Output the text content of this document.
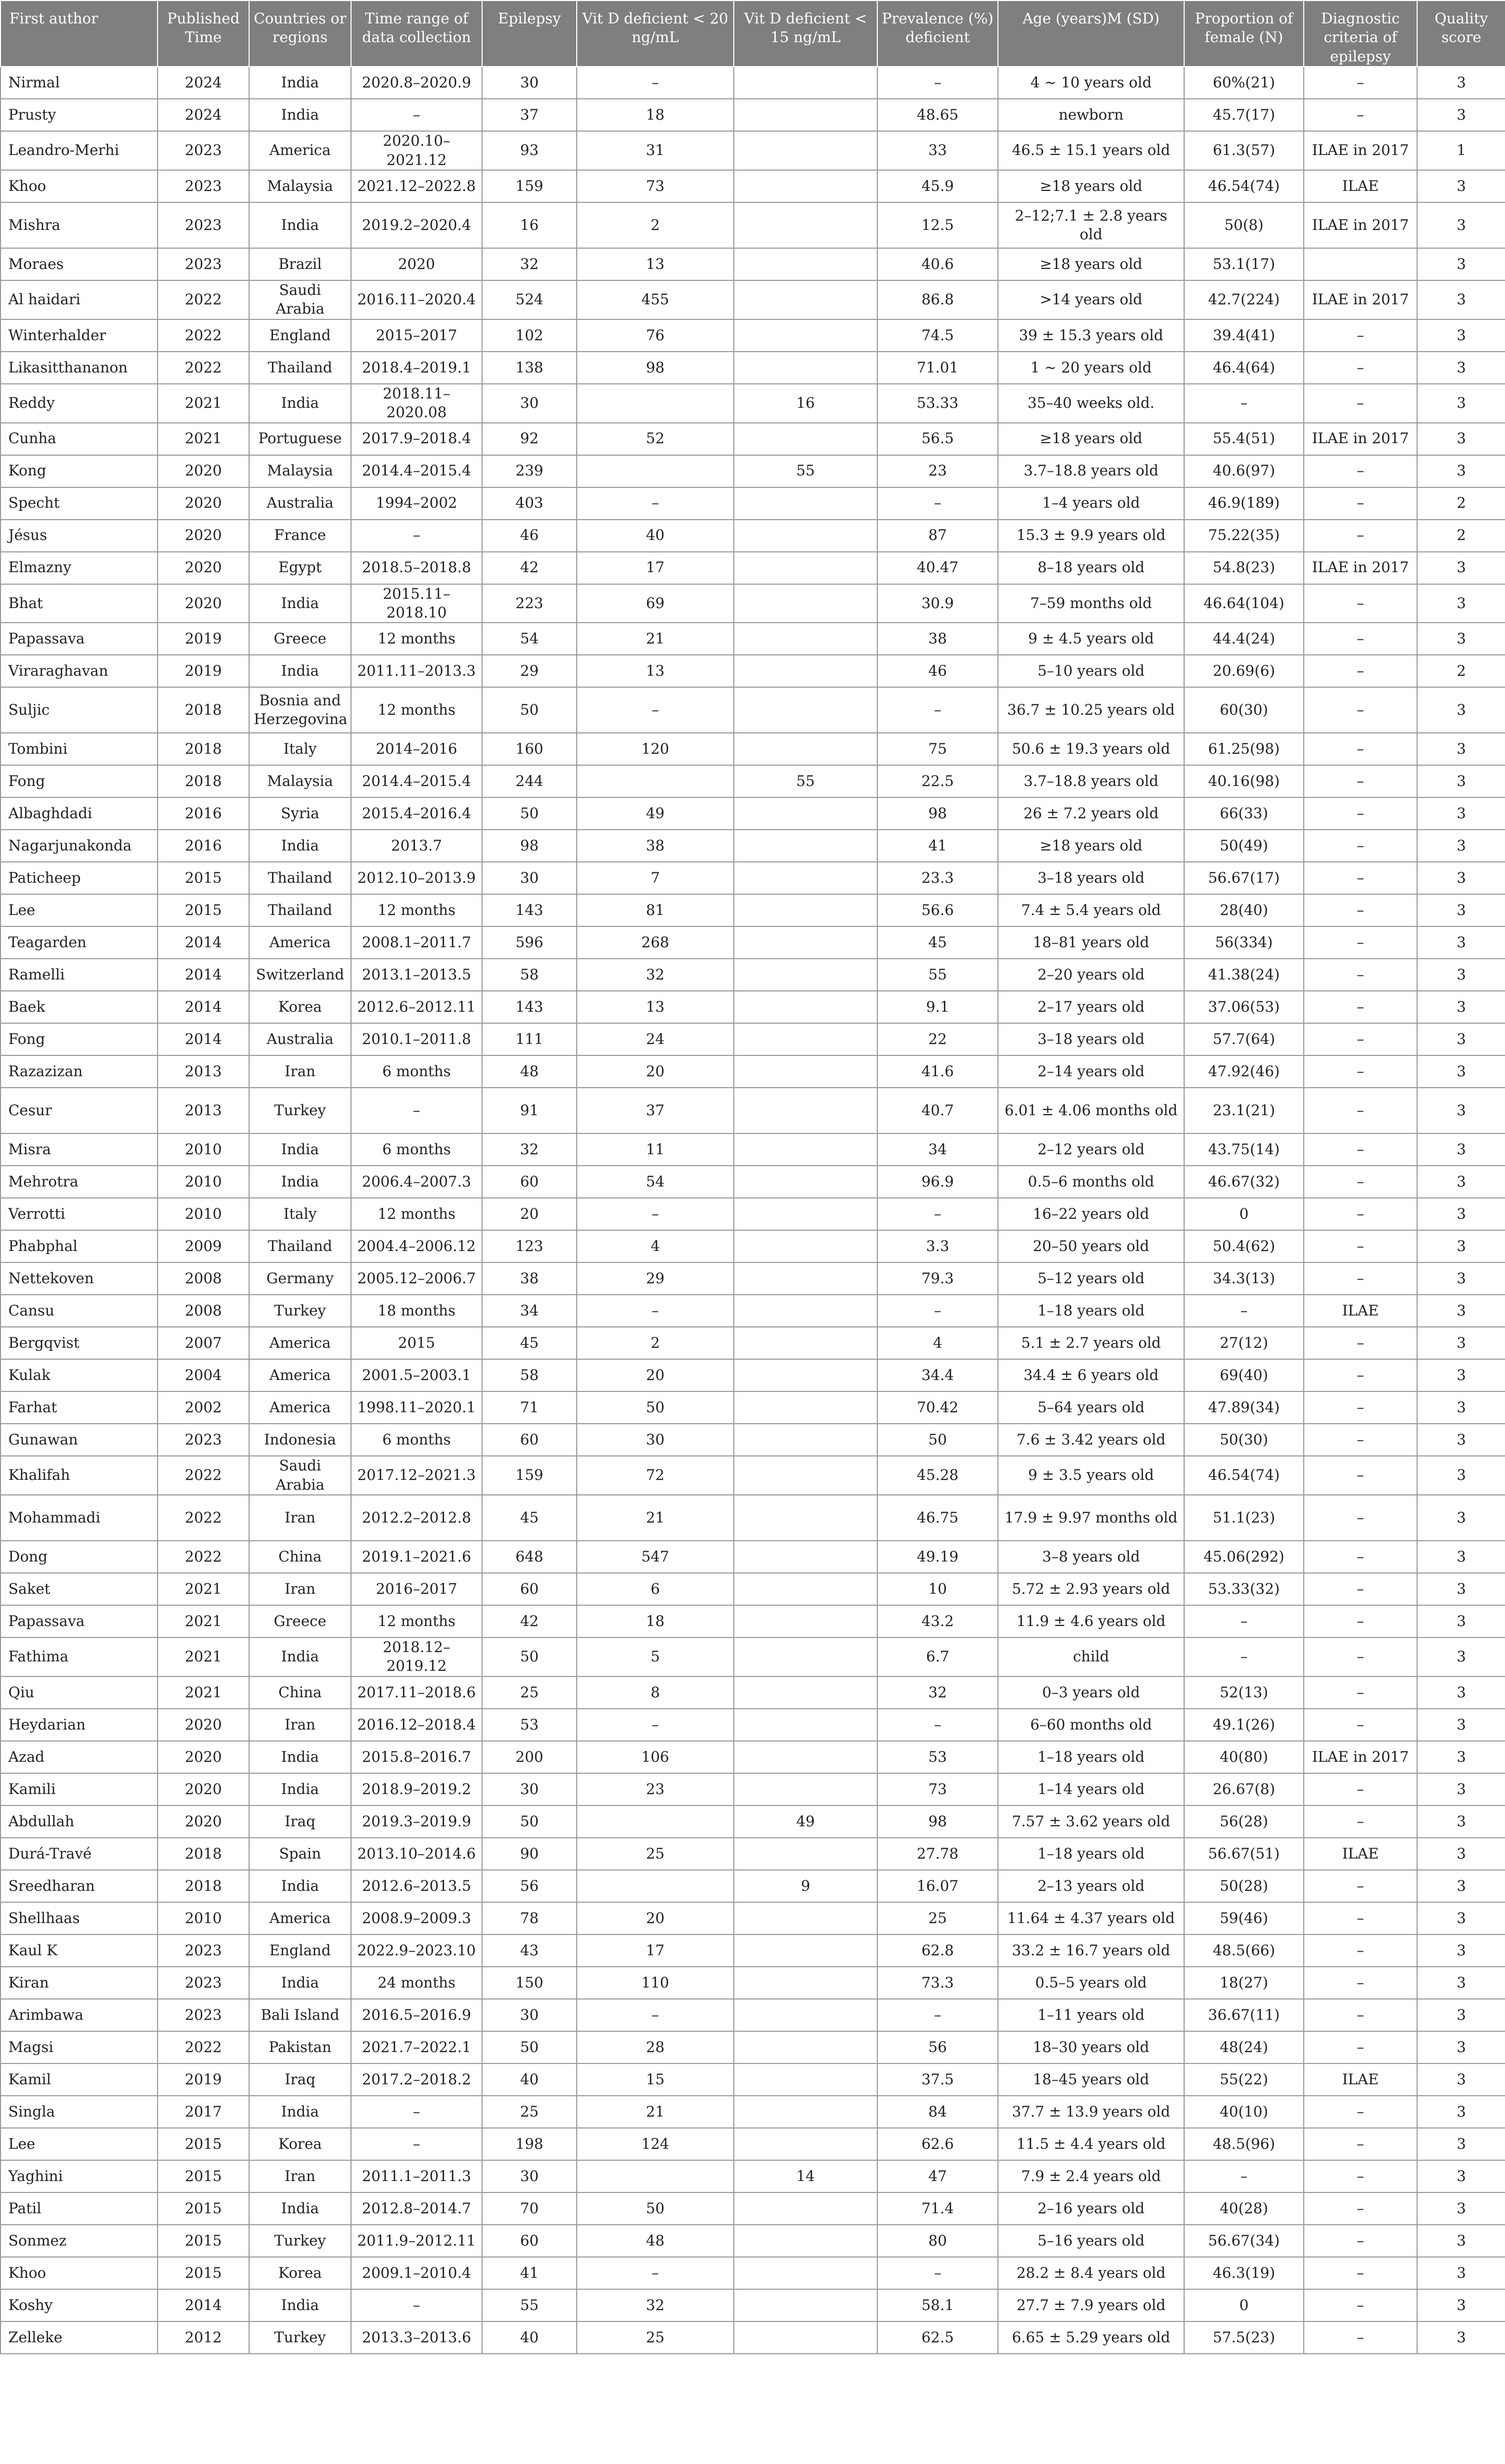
First author	Published Time	Countries or regions	Time range of data collection	Epilepsy	Vit D deficient < 20 ng/mL	Vit D deficient < 15 ng/mL	Prevalence (%) deficient	Age (years)M (SD)	Proportion of female (N)	Diagnostic criteria of epilepsy	Quality score
Nirmal	2024	India	2020.8–2020.9	30	–		–	4 ~ 10 years old	60%(21)	–	3
Prusty	2024	India	–	37	18		48.65	newborn	45.7(17)	–	3
Leandro-Merhi	2023	America	2020.10–2021.12	93	31		33	46.5 ± 15.1 years old	61.3(57)	ILAE in 2017	1
Khoo	2023	Malaysia	2021.12–2022.8	159	73		45.9	≥18 years old	46.54(74)	ILAE	3
Mishra	2023	India	2019.2–2020.4	16	2		12.5	2–12;7.1 ± 2.8 years old	50(8)	ILAE in 2017	3
Moraes	2023	Brazil	2020	32	13		40.6	≥18 years old	53.1(17)		3
Al haidari	2022	Saudi Arabia	2016.11–2020.4	524	455		86.8	>14 years old	42.7(224)	ILAE in 2017	3
Winterhalder	2022	England	2015–2017	102	76		74.5	39 ± 15.3 years old	39.4(41)	–	3
Likasitthananon	2022	Thailand	2018.4–2019.1	138	98		71.01	1 ~ 20 years old	46.4(64)	–	3
Reddy	2021	India	2018.11–2020.08	30		16	53.33	35–40 weeks old.	–	–	3
Cunha	2021	Portuguese	2017.9–2018.4	92	52		56.5	≥18 years old	55.4(51)	ILAE in 2017	3
Kong	2020	Malaysia	2014.4–2015.4	239		55	23	3.7–18.8 years old	40.6(97)	–	3
Specht	2020	Australia	1994–2002	403	–		–	1–4 years old	46.9(189)	–	2
Jésus	2020	France	–	46	40		87	15.3 ± 9.9 years old	75.22(35)	–	2
Elmazny	2020	Egypt	2018.5–2018.8	42	17		40.47	8–18 years old	54.8(23)	ILAE in 2017	3
Bhat	2020	India	2015.11–2018.10	223	69		30.9	7–59 months old	46.64(104)	–	3
Papassava	2019	Greece	12 months	54	21		38	9 ± 4.5 years old	44.4(24)	–	3
Viraraghavan	2019	India	2011.11–2013.3	29	13		46	5–10 years old	20.69(6)	–	2
Suljic	2018	Bosnia and Herzegovina	12 months	50	–		–	36.7 ± 10.25 years old	60(30)	–	3
Tombini	2018	Italy	2014–2016	160	120		75	50.6 ± 19.3 years old	61.25(98)	–	3
Fong	2018	Malaysia	2014.4–2015.4	244		55	22.5	3.7–18.8 years old	40.16(98)	–	3
Albaghdadi	2016	Syria	2015.4–2016.4	50	49		98	26 ± 7.2 years old	66(33)	–	3
Nagarjunakonda	2016	India	2013.7	98	38		41	≥18 years old	50(49)	–	3
Paticheep	2015	Thailand	2012.10–2013.9	30	7		23.3	3–18 years old	56.67(17)	–	3
Lee	2015	Thailand	12 months	143	81		56.6	7.4 ± 5.4 years old	28(40)	–	3
Teagarden	2014	America	2008.1–2011.7	596	268		45	18–81 years old	56(334)	–	3
Ramelli	2014	Switzerland	2013.1–2013.5	58	32		55	2–20 years old	41.38(24)	–	3
Baek	2014	Korea	2012.6–2012.11	143	13		9.1	2–17 years old	37.06(53)	–	3
Fong	2014	Australia	2010.1–2011.8	111	24		22	3–18 years old	57.7(64)	–	3
Razazizan	2013	Iran	6 months	48	20		41.6	2–14 years old	47.92(46)	–	3
Cesur	2013	Turkey	–	91	37		40.7	6.01 ± 4.06 months old	23.1(21)	–	3
Misra	2010	India	6 months	32	11		34	2–12 years old	43.75(14)	–	3
Mehrotra	2010	India	2006.4–2007.3	60	54		96.9	0.5–6 months old	46.67(32)	–	3
Verrotti	2010	Italy	12 months	20	–		–	16–22 years old	0	–	3
Phabphal	2009	Thailand	2004.4–2006.12	123	4		3.3	20–50 years old	50.4(62)	–	3
Nettekoven	2008	Germany	2005.12–2006.7	38	29		79.3	5–12 years old	34.3(13)	–	3
Cansu	2008	Turkey	18 months	34	–		–	1–18 years old	–	ILAE	3
Bergqvist	2007	America	2015	45	2		4	5.1 ± 2.7 years old	27(12)	–	3
Kulak	2004	America	2001.5–2003.1	58	20		34.4	34.4 ± 6 years old	69(40)	–	3
Farhat	2002	America	1998.11–2020.1	71	50		70.42	5–64 years old	47.89(34)	–	3
Gunawan	2023	Indonesia	6 months	60	30		50	7.6 ± 3.42 years old	50(30)	–	3
Khalifah	2022	Saudi Arabia	2017.12–2021.3	159	72		45.28	9 ± 3.5 years old	46.54(74)	–	3
Mohammadi	2022	Iran	2012.2–2012.8	45	21		46.75	17.9 ± 9.97 months old	51.1(23)	–	3
Dong	2022	China	2019.1–2021.6	648	547		49.19	3–8 years old	45.06(292)	–	3
Saket	2021	Iran	2016–2017	60	6		10	5.72 ± 2.93 years old	53.33(32)	–	3
Papassava	2021	Greece	12 months	42	18		43.2	11.9 ± 4.6 years old	–	–	3
Fathima	2021	India	2018.12–2019.12	50	5		6.7	child	–	–	3
Qiu	2021	China	2017.11–2018.6	25	8		32	0–3 years old	52(13)	–	3
Heydarian	2020	Iran	2016.12–2018.4	53	–		–	6–60 months old	49.1(26)	–	3
Azad	2020	India	2015.8–2016.7	200	106		53	1–18 years old	40(80)	ILAE in 2017	3
Kamili	2020	India	2018.9–2019.2	30	23		73	1–14 years old	26.67(8)	–	3
Abdullah	2020	Iraq	2019.3–2019.9	50		49	98	7.57 ± 3.62 years old	56(28)	–	3
Durá-Travé	2018	Spain	2013.10–2014.6	90	25		27.78	1–18 years old	56.67(51)	ILAE	3
Sreedharan	2018	India	2012.6–2013.5	56		9	16.07	2–13 years old	50(28)	–	3
Shellhaas	2010	America	2008.9–2009.3	78	20		25	11.64 ± 4.37 years old	59(46)	–	3
Kaul K	2023	England	2022.9–2023.10	43	17		62.8	33.2 ± 16.7 years old	48.5(66)	–	3
Kiran	2023	India	24 months	150	110		73.3	0.5–5 years old	18(27)	–	3
Arimbawa	2023	Bali Island	2016.5–2016.9	30	–		–	1–11 years old	36.67(11)	–	3
Magsi	2022	Pakistan	2021.7–2022.1	50	28		56	18–30 years old	48(24)	–	3
Kamil	2019	Iraq	2017.2–2018.2	40	15		37.5	18–45 years old	55(22)	ILAE	3
Singla	2017	India	–	25	21		84	37.7 ± 13.9 years old	40(10)	–	3
Lee	2015	Korea	–	198	124		62.6	11.5 ± 4.4 years old	48.5(96)	–	3
Yaghini	2015	Iran	2011.1–2011.3	30		14	47	7.9 ± 2.4 years old	–	–	3
Patil	2015	India	2012.8–2014.7	70	50		71.4	2–16 years old	40(28)	–	3
Sonmez	2015	Turkey	2011.9–2012.11	60	48		80	5–16 years old	56.67(34)	–	3
Khoo	2015	Korea	2009.1–2010.4	41	–		–	28.2 ± 8.4 years old	46.3(19)	–	3
Koshy	2014	India	–	55	32		58.1	27.7 ± 7.9 years old	0	–	3
Zelleke	2012	Turkey	2013.3–2013.6	40	25		62.5	6.65 ± 5.29 years old	57.5(23)	–	3
